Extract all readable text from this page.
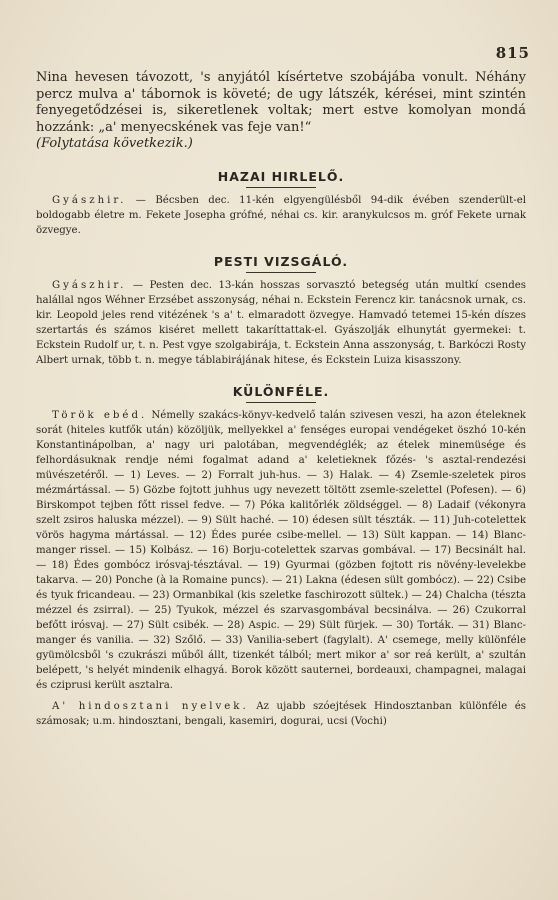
815

Nina hevesen távozott, 's anyjától kísértetve szobájába vonult. Néhány percz mulva a' tábornok is követé; de ugy látszék, kérései, mint szintén fenyegetődzései is, sikeretlenek voltak; mert estve komolyan mondá hozzánk: „a' menyecskének vas feje van!“

(Folytatása következik.)

HAZAI HIRLELŐ.

Gyászhir. — Bécsben dec. 11-kén elgyengülésből 94-dik évében szenderült-el boldogabb életre m. Fekete Josepha grófné, néhai cs. kir. aranykulcsos m. gróf Fekete urnak özvegye.

PESTI VIZSGÁLÓ.

Gyászhir. — Pesten dec. 13-kán hosszas sorvasztó betegség után multkí csendes halállal ngos Wéhner Erzsébet asszonyság, néhai n. Eckstein Ferencz kir. tanácsnok urnak, cs. kir. Leopold jeles rend vitézének 's a' t. elmaradott özvegye. Hamvadó tetemei 15-kén díszes szertartás és számos kiséret mellett takaríttattak-el. Gyászolják elhunytát gyermekei: t. Eckstein Rudolf ur, t. n. Pest vgye szolgabirája, t. Eckstein Anna asszonyság, t. Barkóczi Rosty Albert urnak, több t. n. megye táblabirájának hitese, és Eckstein Luiza kisasszony.

KÜLÖNFÉLE.

Török ebéd. Némelly szakács-könyv-kedvelő talán szivesen veszi, ha azon ételeknek sorát (hiteles kutfők után) közöljük, mellyekkel a' fenséges europai vendégeket öszhó 10-kén Konstantinápolban, a' nagy uri palotában, megvendéglék; az ételek minemüsége és felhordásuknak rendje némi fogalmat adand a' keletieknek főzés- 's asztal-rendezési müvészetéről. — 1) Leves. — 2) Forralt juh-hus. — 3) Halak. — 4) Zsemle-szeletek piros mézmártással. — 5) Gözbe fojtott juhhus ugy nevezett töltött zsemle-szelettel (Pofesen). — 6) Birskompot tejben főtt rissel fedve. — 7) Póka kalitőrlék zöldséggel. — 8) Ladaif (vékonyra szelt zsiros haluska mézzel). — 9) Sült haché. — 10) édesen sült tészták. — 11) Juh-cotelettek vörös hagyma mártással. — 12) Édes purée csibe-mellel. — 13) Sült kappan. — 14) Blanc-manger rissel. — 15) Kolbász. — 16) Borju-cotelettek szarvas gombával. — 17) Becsinált hal. — 18) Édes gombócz irósvaj-tésztával. — 19) Gyurmai (gözben fojtott ris növény-levelekbe takarva. — 20) Ponche (à la Romaine puncs). — 21) Lakna (édesen sült gombócz). — 22) Csibe és tyuk fricandeau. — 23) Ormanbikal (kis szeletke faschirozott sültek.) — 24) Chalcha (tészta mézzel és zsirral). — 25) Tyukok, mézzel és szarvasgombával becsinálva. — 26) Czukorral befőtt irósvaj. — 27) Sült csibék. — 28) Aspic. — 29) Sült fürjek. — 30) Torták. — 31) Blanc-manger és vanilia. — 32) Szőlő. — 33) Vanilia-sebert (fagylalt). A' csemege, melly különféle gyümölcsből 's czukrászi műből állt, tizenkét tálból; mert mikor a' sor reá került, a' szultán belépett, 's helyét mindenik elhagyá. Borok között sauternei, bordeauxi, champagnei, malagai és cziprusi került asztalra.

A' hindosztani nyelvek. Az ujabb szóejtések Hindosztanban különféle és számosak; u.m. hindosztani, bengali, kasemiri, dogurai, ucsi (Vochi)
